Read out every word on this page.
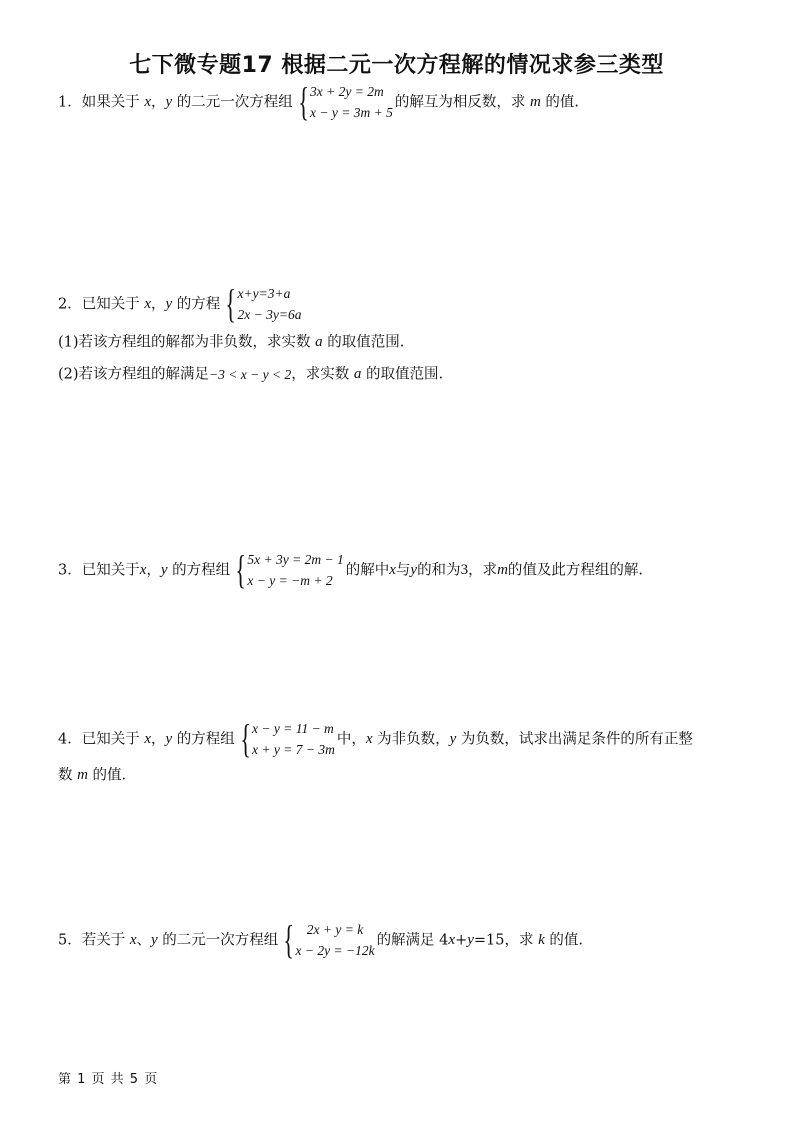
七下微专题17 根据二元一次方程解的情况求参三类型
1．如果关于 x，y 的二元一次方程组 { 3x + 2y = 2m
x − y = 3m + 5
的解互为相反数，求 m 的值.
2．已知关于 x，y 的方程 { x+y=3+a
2x − 3y=6a
(1)若该方程组的解都为非负数，求实数 a 的取值范围.
(2)若该方程组的解满足−3 < x − y < 2，求实数 a 的取值范围.
3．已知关于x，y 的方程组 { 5x + 3y = 2m − 1
x − y = −m + 2
的解中x与y的和为3，求m的值及此方程组的解.
4．已知关于 x，y 的方程组 { x − y = 11 − m
x + y = 7 − 3m
中，x 为非负数，y 为负数，试求出满足条件的所有正整
数 m 的值.
5．若关于 x、y 的二元一次方程组 { 2x + y = k
x − 2y = −12k
的解满足 4x+y=15，求 k 的值.
第 1 页 共 5 页
